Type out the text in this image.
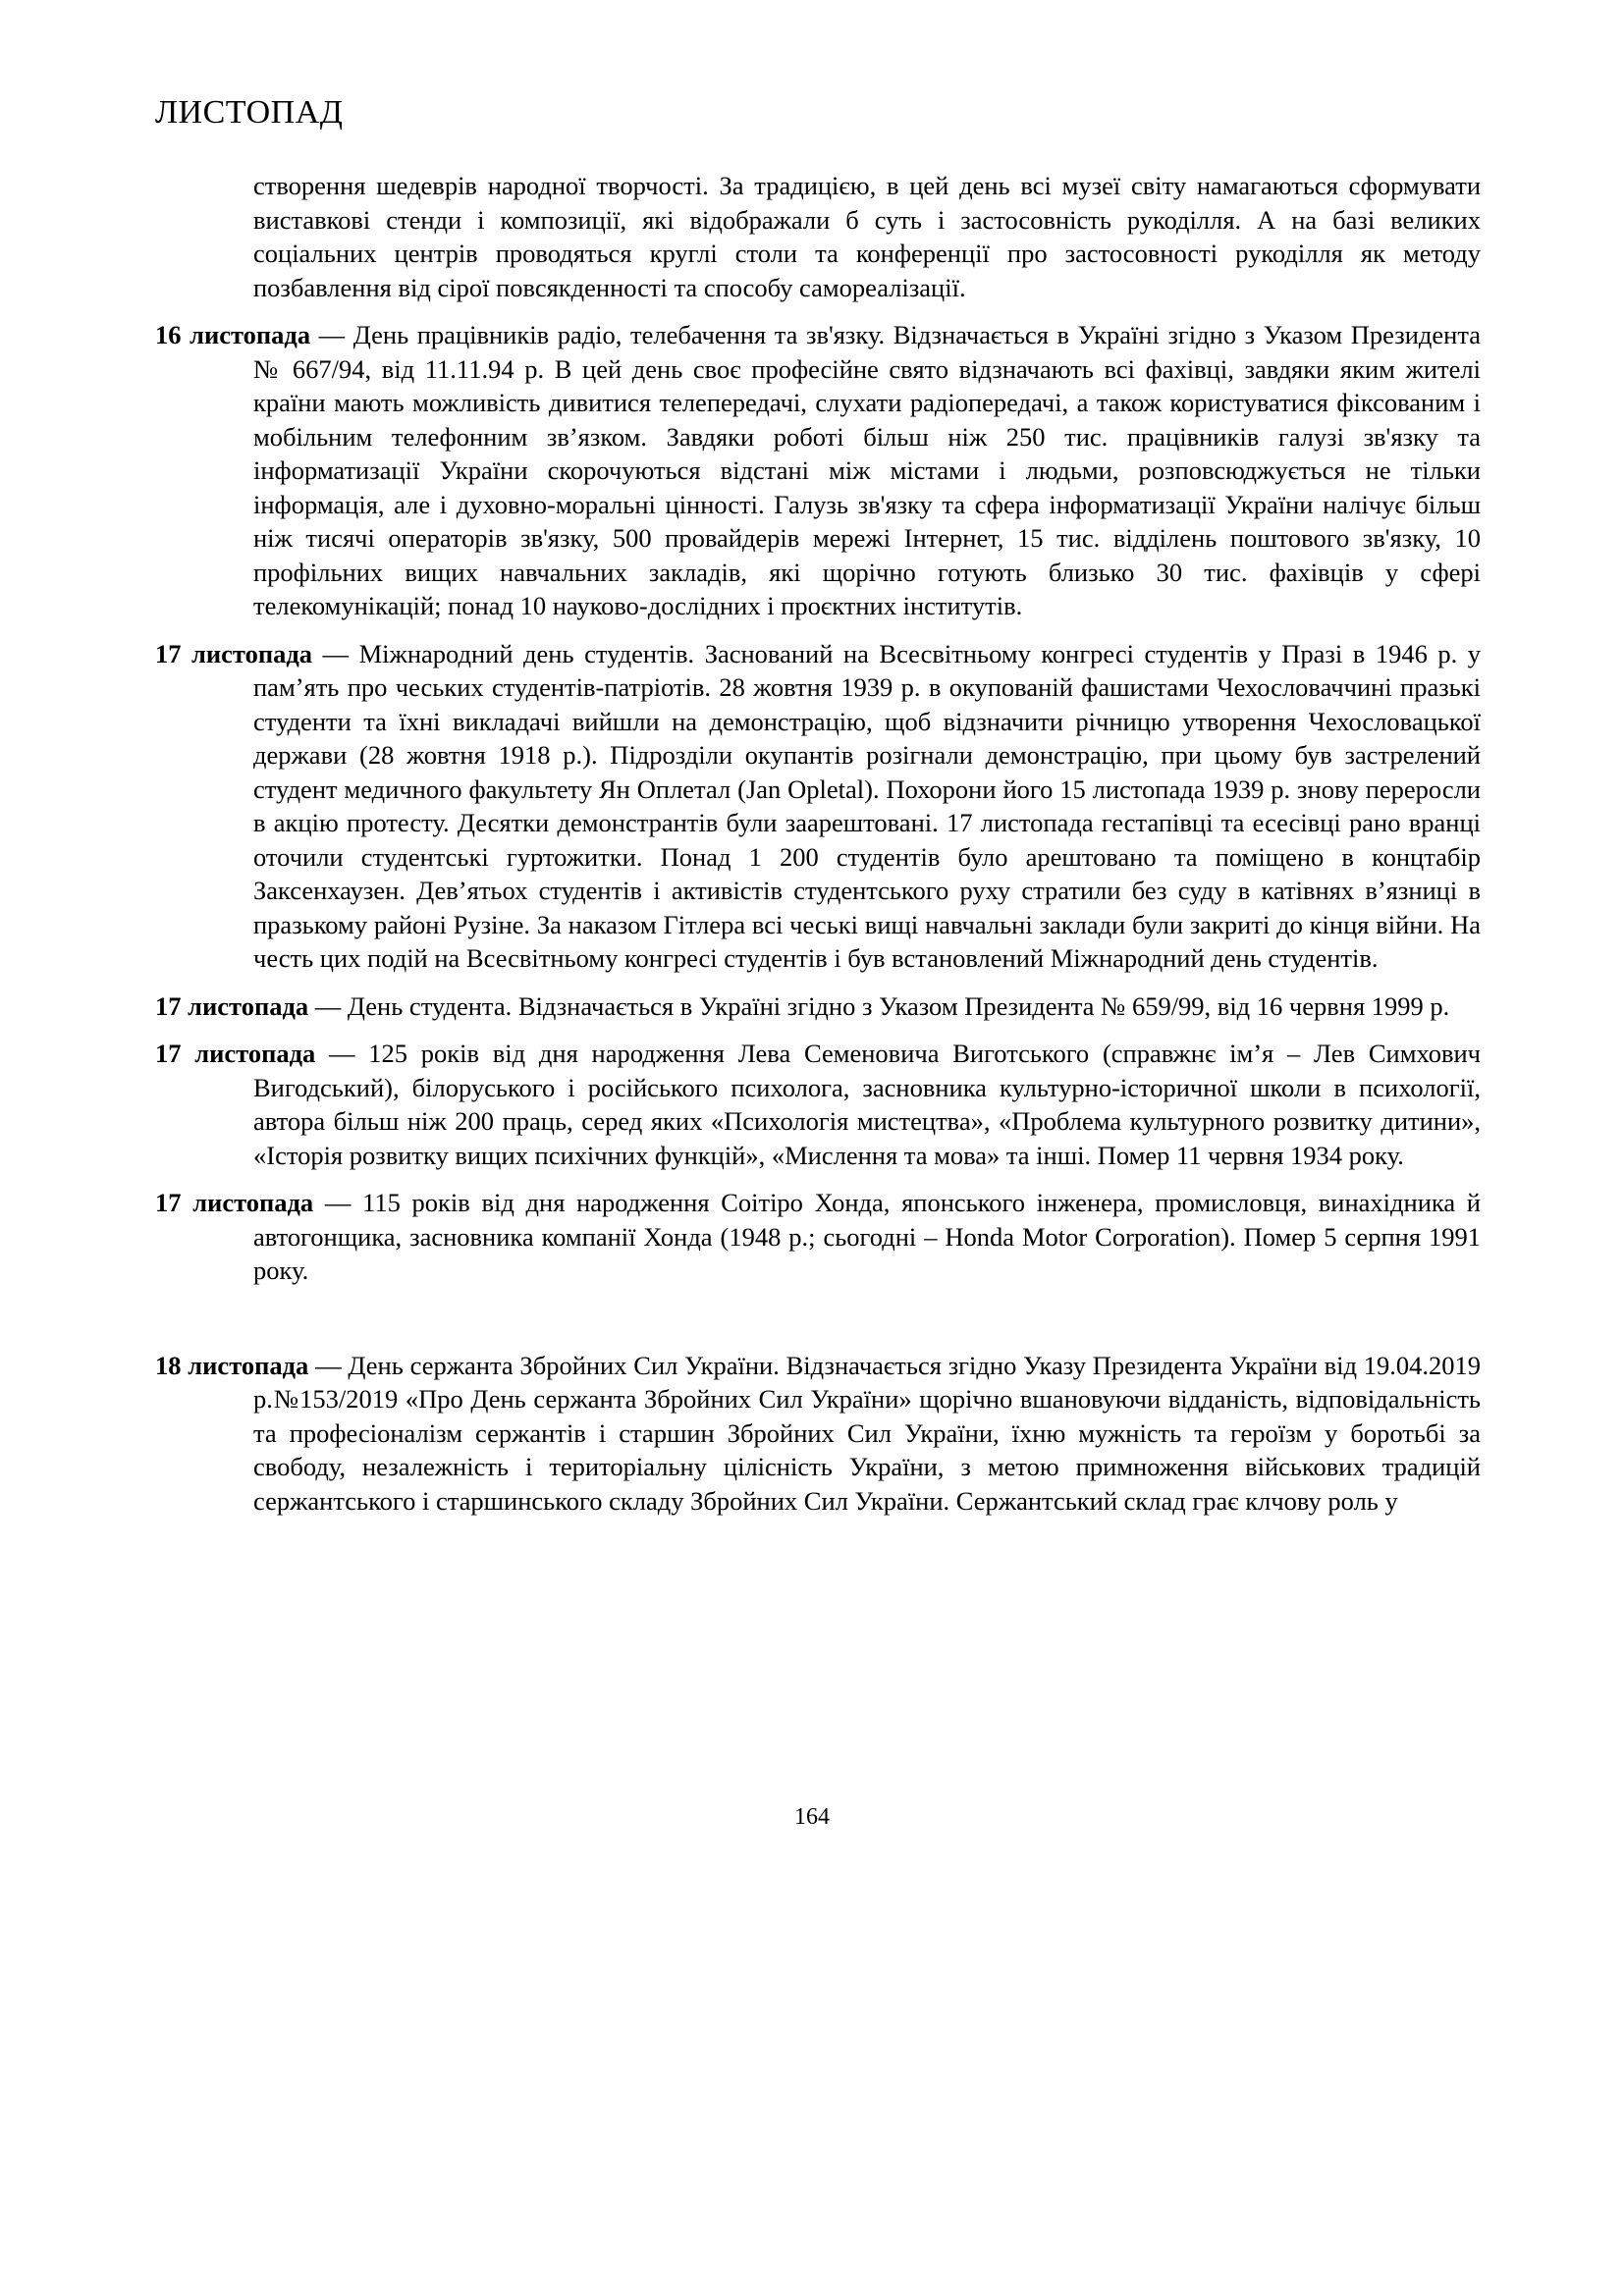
ЛИСТОПАД

створення шедеврів народної творчості. За традицією, в цей день всі музеї світу намагаються сформувати виставкові стенди і композиції, які відображали б суть і застосовність рукоділля. А на базі великих соціальних центрів проводяться круглі столи та конференції про застосовності рукоділля як методу позбавлення від сірої повсякденності та способу самореалізації.

16 листопада — День працівників радіо, телебачення та зв'язку. Відзначається в Україні згідно з Указом Президента № 667/94, від 11.11.94 р. В цей день своє професійне свято відзначають всі фахівці, завдяки яким жителі країни мають можливість дивитися телепередачі, слухати радіопередачі, а також користуватися фіксованим і мобільним телефонним зв’язком. Завдяки роботі більш ніж 250 тис. працівників галузі зв'язку та інформатизації України скорочуються відстані між містами і людьми, розповсюджується не тільки інформація, але і духовно-моральні цінності. Галузь зв'язку та сфера інформатизації України налічує більш ніж тисячі операторів зв'язку, 500 провайдерів мережі Інтернет, 15 тис. відділень поштового зв'язку, 10 профільних вищих навчальних закладів, які щорічно готують близько 30 тис. фахівців у сфері телекомунікацій; понад 10 науково-дослідних і проєктних інститутів.

17 листопада — Міжнародний день студентів. Заснований на Всесвітньому конгресі студентів у Празі в 1946 р. у пам’ять про чеських студентів-патріотів. 28 жовтня 1939 р. в окупованій фашистами Чехословаччині празькі студенти та їхні викладачі вийшли на демонстрацію, щоб відзначити річницю утворення Чехословацької держави (28 жовтня 1918 р.). Підрозділи окупантів розігнали демонстрацію, при цьому був застрелений студент медичного факультету Ян Оплетал (Jan Opletal). Похорони його 15 листопада 1939 р. знову переросли в акцію протесту. Десятки демонстрантів були заарештовані. 17 листопада гестапівці та есесівці рано вранці оточили студентські гуртожитки. Понад 1 200 студентів було арештовано та поміщено в концтабір Заксенхаузен. Дев’ятьох студентів і активістів студентського руху стратили без суду в катівнях в’язниці в празькому районі Рузіне. За наказом Гітлера всі чеські вищі навчальні заклади були закриті до кінця війни. На честь цих подій на Всесвітньому конгресі студентів і був встановлений Міжнародний день студентів.

17 листопада — День студента. Відзначається в Україні згідно з Указом Президента № 659/99, від 16 червня 1999 р.

17 листопада — 125 років від дня народження Лева Семеновича Виготського (справжнє ім’я – Лев Симхович Вигодський), білоруського і російського психолога, засновника культурно-історичної школи в психології, автора більш ніж 200 праць, серед яких «Психологія мистецтва», «Проблема культурного розвитку дитини», «Історія розвитку вищих психічних функцій», «Мислення та мова» та інші. Помер 11 червня 1934 року.

17 листопада — 115 років від дня народження Соітіро Хонда, японського інженера, промисловця, винахідника й автогонщика, засновника компанії Хонда (1948 р.; сьогодні – Honda Motor Corporation). Помер 5 серпня 1991 року.

18 листопада — День сержанта Збройних Сил України. Відзначається згідно Указу Президента України від 19.04.2019 р.№153/2019 «Про День сержанта Збройних Сил України» щорічно вшановуючи відданість, відповідальність та професіоналізм сержантів і старшин Збройних Сил України, їхню мужність та героїзм у боротьбі за свободу, незалежність і територіальну цілісність України, з метою примноження військових традицій сержантського і старшинського складу Збройних Сил України. Сержантський склад грає клчову роль у

164
